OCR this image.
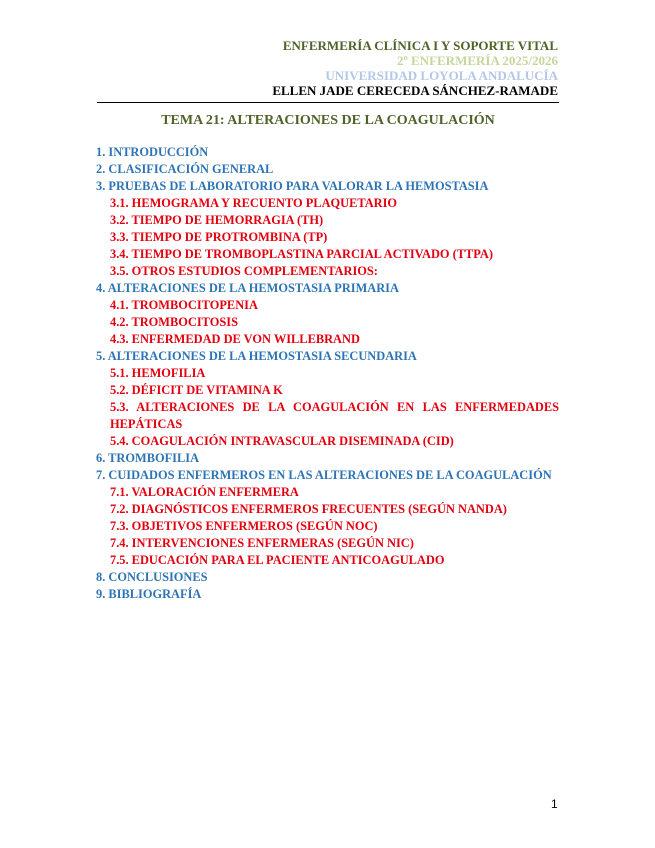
ENFERMERÍA CLÍNICA I Y SOPORTE VITAL
2º ENFERMERÍA 2025/2026
UNIVERSIDAD LOYOLA ANDALUCÍA
ELLEN JADE CERECEDA SÁNCHEZ-RAMADE
TEMA 21: ALTERACIONES DE LA COAGULACIÓN
1. INTRODUCCIÓN
2. CLASIFICACIÓN GENERAL
3. PRUEBAS DE LABORATORIO PARA VALORAR LA HEMOSTASIA
3.1. HEMOGRAMA Y RECUENTO PLAQUETARIO
3.2. TIEMPO DE HEMORRAGIA (TH)
3.3. TIEMPO DE PROTROMBINA (TP)
3.4. TIEMPO DE TROMBOPLASTINA PARCIAL ACTIVADO (TTPA)
3.5. OTROS ESTUDIOS COMPLEMENTARIOS:
4. ALTERACIONES DE LA HEMOSTASIA PRIMARIA
4.1. TROMBOCITOPENIA
4.2. TROMBOCITOSIS
4.3. ENFERMEDAD DE VON WILLEBRAND
5. ALTERACIONES DE LA HEMOSTASIA SECUNDARIA
5.1. HEMOFILIA
5.2. DÉFICIT DE VITAMINA K
5.3. ALTERACIONES DE LA COAGULACIÓN EN LAS ENFERMEDADES HEPÁTICAS
5.4. COAGULACIÓN INTRAVASCULAR DISEMINADA (CID)
6. TROMBOFILIA
7. CUIDADOS ENFERMEROS EN LAS ALTERACIONES DE LA COAGULACIÓN
7.1. VALORACIÓN ENFERMERA
7.2. DIAGNÓSTICOS ENFERMEROS FRECUENTES (SEGÚN NANDA)
7.3. OBJETIVOS ENFERMEROS (SEGÚN NOC)
7.4. INTERVENCIONES ENFERMERAS (SEGÚN NIC)
7.5. EDUCACIÓN PARA EL PACIENTE ANTICOAGULADO
8. CONCLUSIONES
9. BIBLIOGRAFÍA
1
